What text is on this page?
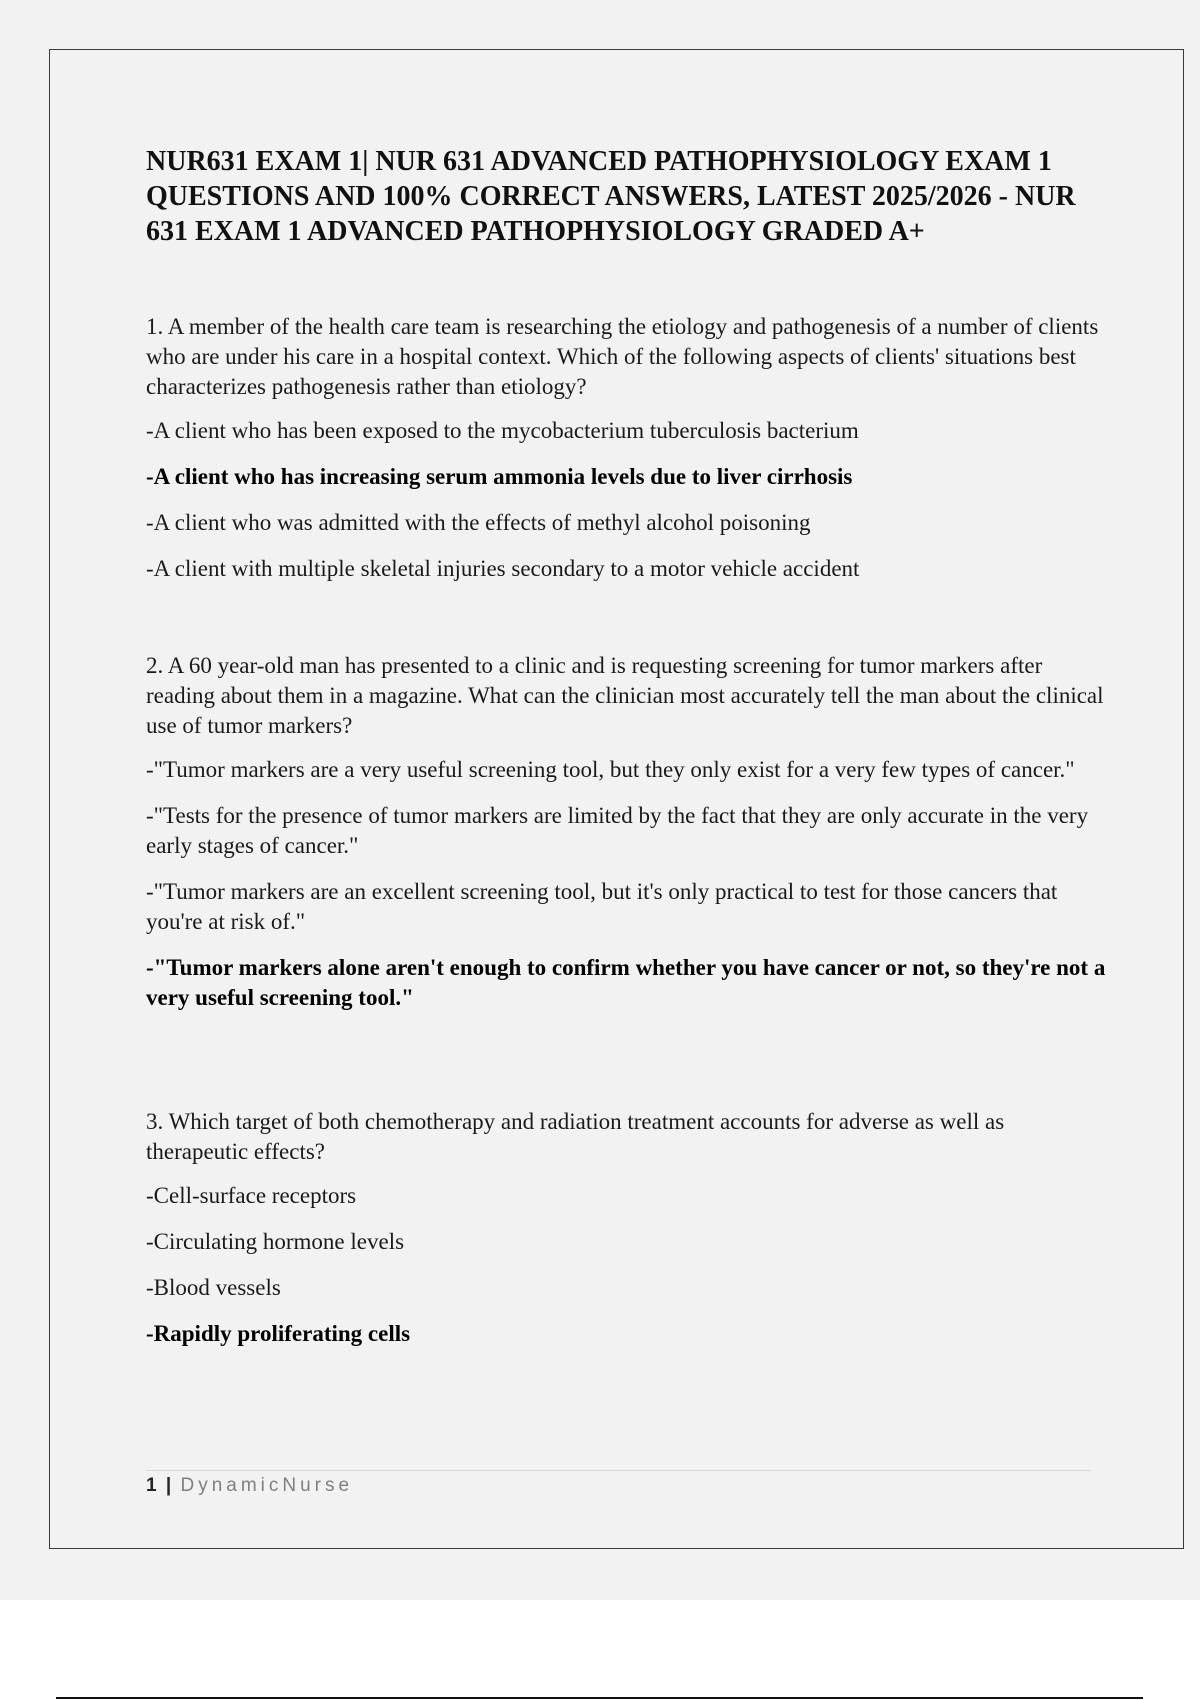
NUR631 EXAM 1| NUR 631 ADVANCED PATHOPHYSIOLOGY EXAM 1 QUESTIONS AND 100% CORRECT ANSWERS, LATEST 2025/2026 - NUR 631 EXAM 1 ADVANCED PATHOPHYSIOLOGY GRADED A+

1. A member of the health care team is researching the etiology and pathogenesis of a number of clients who are under his care in a hospital context. Which of the following aspects of clients' situations best characterizes pathogenesis rather than etiology?

-A client who has been exposed to the mycobacterium tuberculosis bacterium

-A client who has increasing serum ammonia levels due to liver cirrhosis

-A client who was admitted with the effects of methyl alcohol poisoning

-A client with multiple skeletal injuries secondary to a motor vehicle accident

2. A 60 year-old man has presented to a clinic and is requesting screening for tumor markers after reading about them in a magazine. What can the clinician most accurately tell the man about the clinical use of tumor markers?

-"Tumor markers are a very useful screening tool, but they only exist for a very few types of cancer."

-"Tests for the presence of tumor markers are limited by the fact that they are only accurate in the very early stages of cancer."

-"Tumor markers are an excellent screening tool, but it's only practical to test for those cancers that you're at risk of."

-"Tumor markers alone aren't enough to confirm whether you have cancer or not, so they're not a very useful screening tool."

3. Which target of both chemotherapy and radiation treatment accounts for adverse as well as therapeutic effects?

-Cell-surface receptors

-Circulating hormone levels

-Blood vessels

-Rapidly proliferating cells

1 | DynamicNurse
